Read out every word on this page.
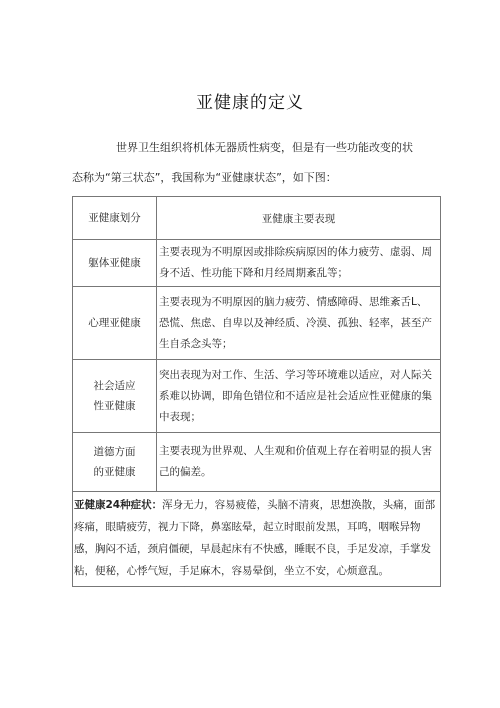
亚健康的定义
世界卫生组织将机体无器质性病变，但是有一些功能改变的状
态称为“第三状态”，我国称为“亚健康状态”，如下图：
亚健康划分	亚健康主要表现
躯体亚健康	主要表现为不明原因或排除疾病原因的体力疲劳、虚弱、周身不适、性功能下降和月经周期紊乱等；
心理亚健康	主要表现为不明原因的脑力疲劳、情感障碍、思维紊舌L、恐慌、焦虑、自卑以及神经质、冷漠、孤独、轻率，甚至产生自杀念头等；
社会适应
性亚健康	突出表现为对工作、生活、学习等环境难以适应，对人际关系难以协调，即角色错位和不适应是社会适应性亚健康的集中表现；
道德方面
的亚健康	主要表现为世界观、人生观和价值观上存在着明显的损人害己的偏差。
亚健康24种症状：浑身无力，容易疲倦，头脑不清爽，思想涣散，头痛，面部疼痛，眼睛疲劳，视力下降，鼻塞眩晕，起立时眼前发黑，耳鸣，咽喉异物感，胸闷不适，颈肩僵硬，早晨起床有不快感，睡眠不良，手足发凉，手掌发粘，便秘，心悸气短，手足麻木，容易晕倒，坐立不安，心烦意乱。	
